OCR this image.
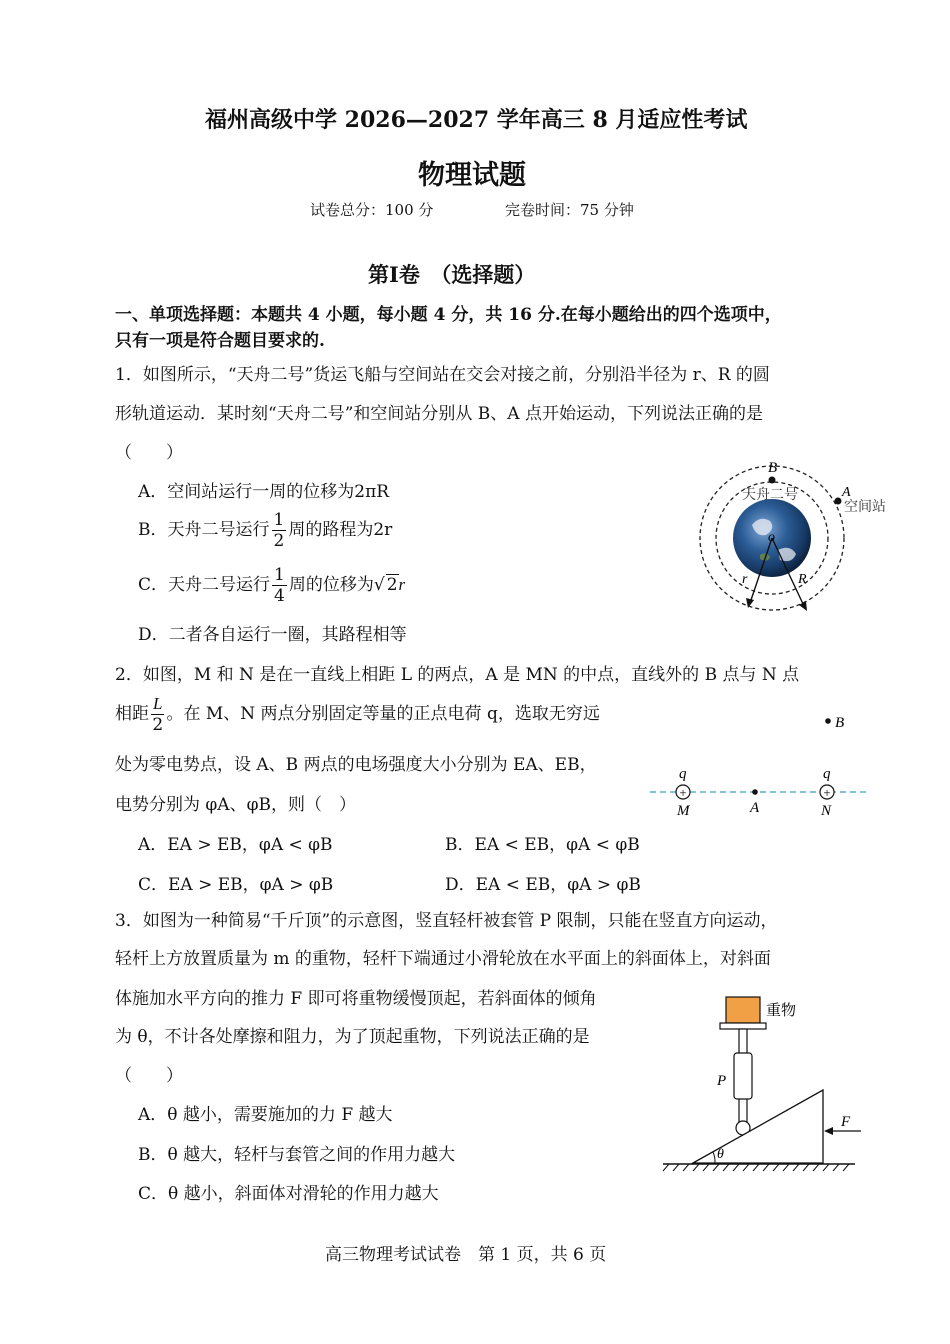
福州高级中学 2026—2027 学年高三 8 月适应性考试
物理试题
试卷总分：100 分	完卷时间：75 分钟
第I卷　（选择题）
一、单项选择题：本题共 4 小题，每小题 4 分，共 16 分.在每小题给出的四个选项中，
只有一项是符合题目要求的.
1．如图所示，“天舟二号”货运飞船与空间站在交会对接之前，分别沿半径为 r、R 的圆
形轨道运动．某时刻“天舟二号”和空间站分别从 B、A 点开始运动，下列说法正确的是
（　　）
A．空间站运行一周的位移为2πR
B．天舟二号运行 $\frac{1}{2}$ 周的路程为2r
C．天舟二号运行 $\frac{1}{4}$ 周的位移为√ 2r
D．二者各自运行一圈，其路程相等
B
天舟二号	A
空间站
o
r	R
2．如图，M 和 N 是在一直线上相距 L 的两点，A 是 MN 的中点，直线外的 B 点与 N 点
相距 $\frac{L}{2}$ 。在 M、N 两点分别固定等量的正点电荷 q，选取无穷远
处为零电势点，设 A、B 两点的电场强度大小分别为 EA、EB，
电势分别为 φA、φB，则（　）
A．EA > EB，φA < φB	B．EA < EB，φA < φB
C．EA > EB，φA > φB	D．EA < EB，φA > φB
B
+	+
q	q
M	A	N
3．如图为一种简易“千斤顶”的示意图，竖直轻杆被套管 P 限制，只能在竖直方向运动，
轻杆上方放置质量为 m 的重物，轻杆下端通过小滑轮放在水平面上的斜面体上，对斜面
体施加水平方向的推力 F 即可将重物缓慢顶起，若斜面体的倾角
为 θ，不计各处摩擦和阻力，为了顶起重物，下列说法正确的是
（　　）
A．θ 越小，需要施加的力 F 越大
B．θ 越大，轻杆与套管之间的作用力越大
C．θ 越小，斜面体对滑轮的作用力越大
重物
P
θ
F
高三物理考试试卷　第 1 页，共 6 页
